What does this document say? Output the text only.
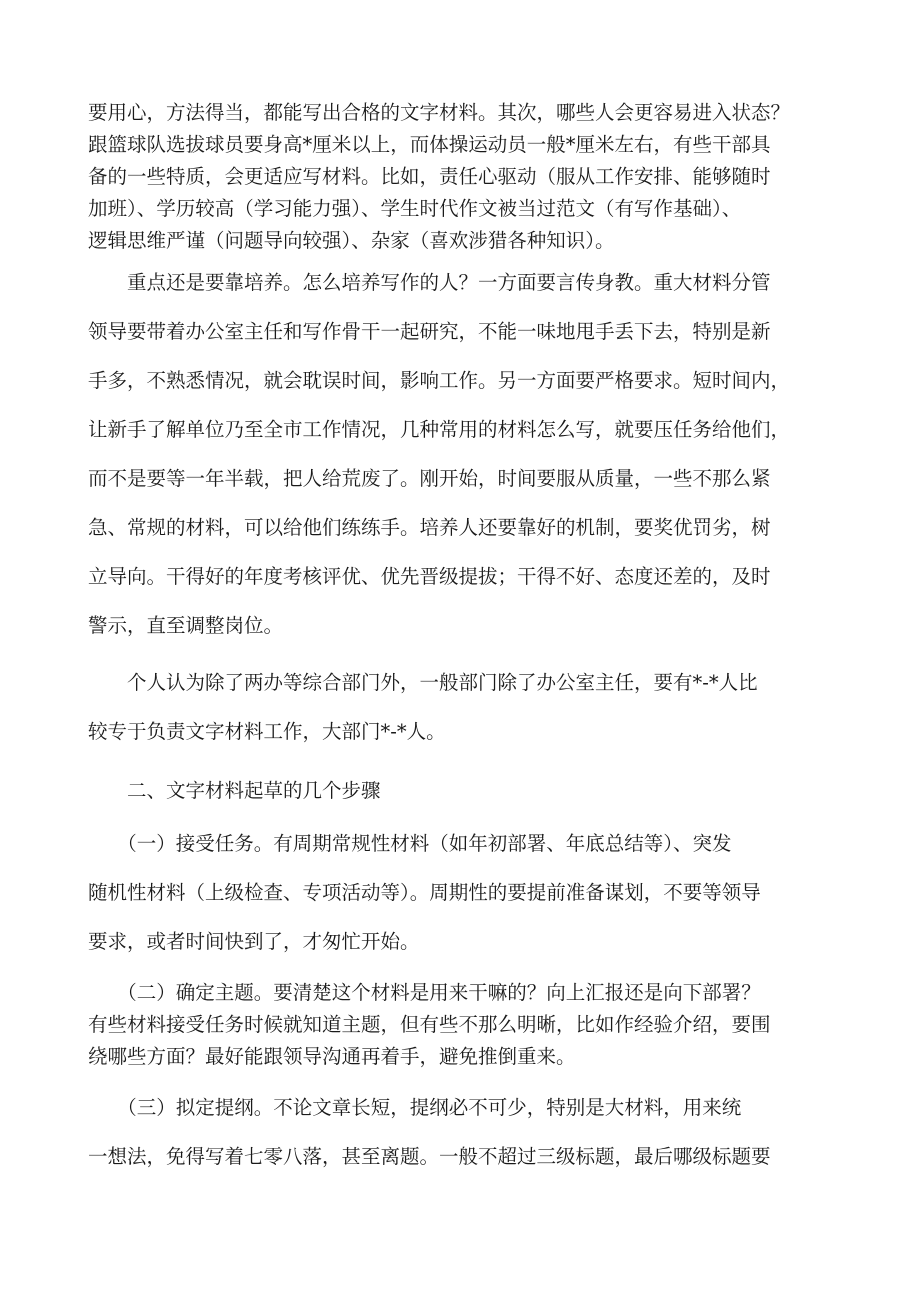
要用心，方法得当，都能写出合格的文字材料。其次，哪些人会更容易进入状态？
跟篮球队选拔球员要身高*厘米以上，而体操运动员一般*厘米左右，有些干部具
备的一些特质，会更适应写材料。比如，责任心驱动（服从工作安排、能够随时
加班）、学历较高（学习能力强）、学生时代作文被当过范文（有写作基础）、
逻辑思维严谨（问题导向较强）、杂家（喜欢涉猎各种知识）。
　　重点还是要靠培养。怎么培养写作的人？一方面要言传身教。重大材料分管
领导要带着办公室主任和写作骨干一起研究，不能一味地甩手丢下去，特别是新
手多，不熟悉情况，就会耽误时间，影响工作。另一方面要严格要求。短时间内，
让新手了解单位乃至全市工作情况，几种常用的材料怎么写，就要压任务给他们，
而不是要等一年半载，把人给荒废了。刚开始，时间要服从质量，一些不那么紧
急、常规的材料，可以给他们练练手。培养人还要靠好的机制，要奖优罚劣，树
立导向。干得好的年度考核评优、优先晋级提拔；干得不好、态度还差的，及时
警示，直至调整岗位。
　　个人认为除了两办等综合部门外，一般部门除了办公室主任，要有*-*人比
较专于负责文字材料工作，大部门*-*人。
　　二、文字材料起草的几个步骤
　　（一）接受任务。有周期常规性材料（如年初部署、年底总结等）、突发
随机性材料（上级检查、专项活动等）。周期性的要提前准备谋划，不要等领导
要求，或者时间快到了，才匆忙开始。
　　（二）确定主题。要清楚这个材料是用来干嘛的？向上汇报还是向下部署？
有些材料接受任务时候就知道主题，但有些不那么明晰，比如作经验介绍，要围
绕哪些方面？最好能跟领导沟通再着手，避免推倒重来。
　　（三）拟定提纲。不论文章长短，提纲必不可少，特别是大材料，用来统
一想法，免得写着七零八落，甚至离题。一般不超过三级标题，最后哪级标题要
